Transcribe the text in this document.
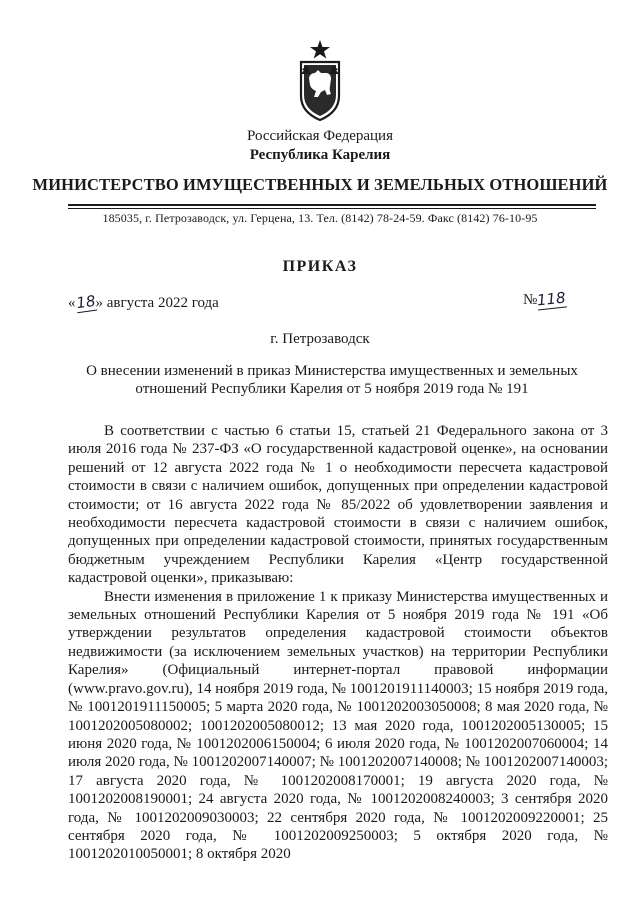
Российская Федерация
Республика Карелия
МИНИСТЕРСТВО ИМУЩЕСТВЕННЫХ И ЗЕМЕЛЬНЫХ ОТНОШЕНИЙ
185035, г. Петрозаводск, ул. Герцена, 13. Тел. (8142) 78-24-59. Факс (8142) 76-10-95
ПРИКАЗ
«18» августа 2022 года	№118
г. Петрозаводск
О внесении изменений в приказ Министерства имущественных и земельных отношений Республики Карелия от 5 ноября 2019 года № 191

В соответствии с частью 6 статьи 15, статьей 21 Федерального закона от 3 июля 2016 года № 237-ФЗ «О государственной кадастровой оценке», на основании решений от 12 августа 2022 года № 1 о необходимости пересчета кадастровой стоимости в связи с наличием ошибок, допущенных при определении кадастровой стоимости; от 16 августа 2022 года № 85/2022 об удовлетворении заявления и необходимости пересчета кадастровой стоимости в связи с наличием ошибок, допущенных при определении кадастровой стоимости, принятых государственным бюджетным учреждением Республики Карелия «Центр государственной кадастровой оценки», приказываю:

Внести изменения в приложение 1 к приказу Министерства имущественных и земельных отношений Республики Карелия от 5 ноября 2019 года № 191 «Об утверждении результатов определения кадастровой стоимости объектов недвижимости (за исключением земельных участков) на территории Республики Карелия» (Официальный интернет-портал правовой информации (www.pravo.gov.ru), 14 ноября 2019 года, № 1001201911140003; 15 ноября 2019 года, № 1001201911150005; 5 марта 2020 года, № 1001202003050008; 8 мая 2020 года, № 1001202005080002; 1001202005080012; 13 мая 2020 года, 1001202005130005; 15 июня 2020 года, № 1001202006150004; 6 июля 2020 года, № 1001202007060004; 14 июля 2020 года, № 1001202007140007; № 1001202007140008; № 1001202007140003; 17 августа 2020 года, № 1001202008170001; 19 августа 2020 года, № 1001202008190001; 24 августа 2020 года, № 1001202008240003; 3 сентября 2020 года, № 1001202009030003; 22 сентября 2020 года, № 1001202009220001; 25 сентября 2020 года, № 1001202009250003; 5 октября 2020 года, № 1001202010050001; 8 октября 2020
